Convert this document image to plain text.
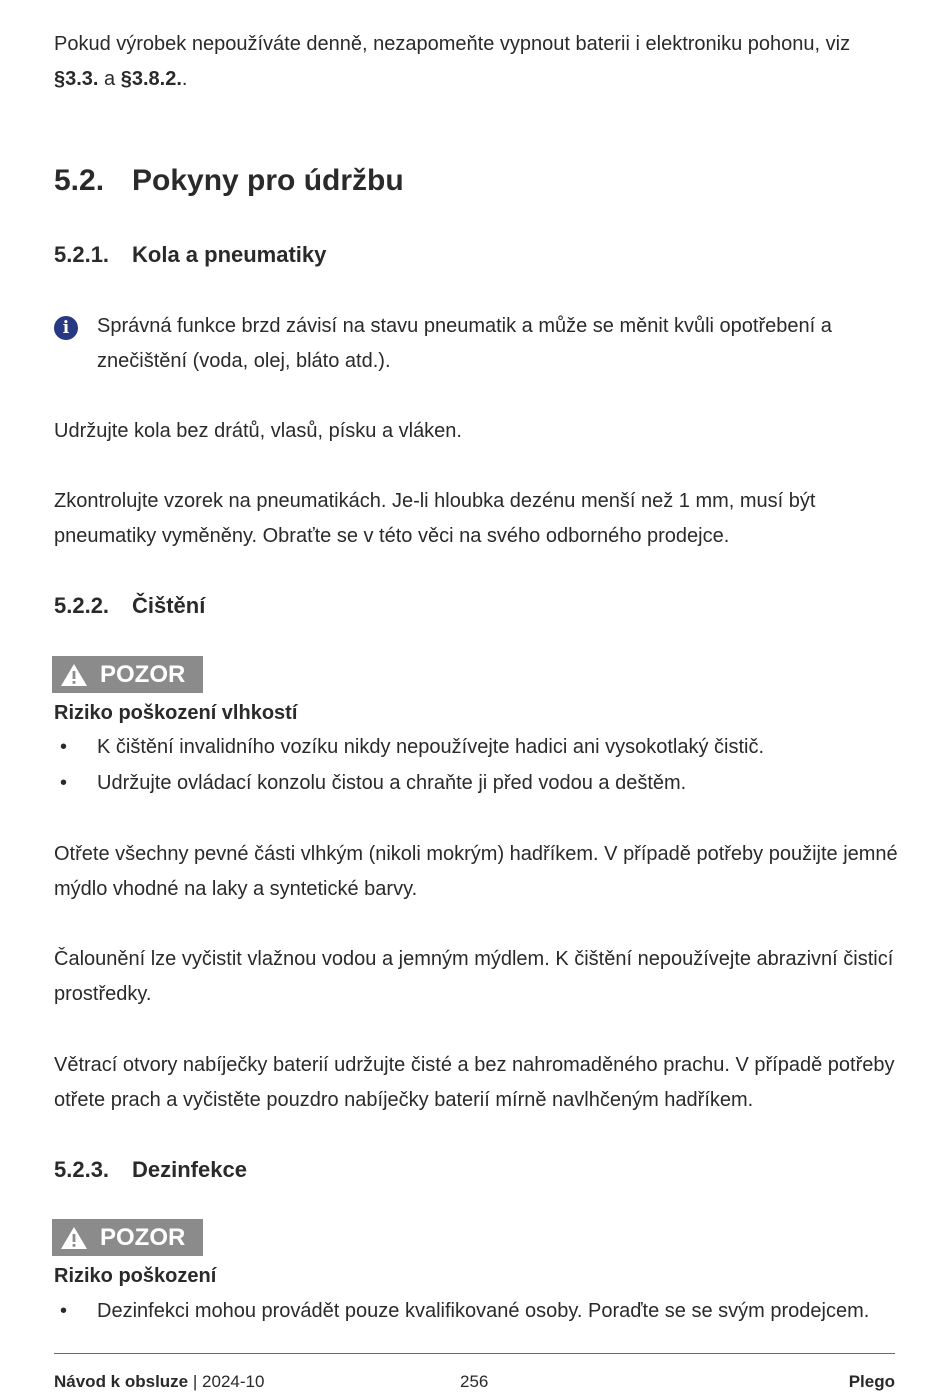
Pokud výrobek nepoužíváte denně, nezapomeňte vypnout baterii i elektroniku pohonu, viz
§3.3. a §3.8.2..
5.2. Pokyny pro údržbu
5.2.1. Kola a pneumatiky
i	Správná funkce brzd závisí na stavu pneumatik a může se měnit kvůli opotřebení a
znečištění (voda, olej, bláto atd.).
Udržujte kola bez drátů, vlasů, písku a vláken.
Zkontrolujte vzorek na pneumatikách. Je-li hloubka dezénu menší než 1 mm, musí být
pneumatiky vyměněny. Obraťte se v této věci na svého odborného prodejce.
5.2.2. Čištění
POZOR
Riziko poškození vlhkostí
• K čištění invalidního vozíku nikdy nepoužívejte hadici ani vysokotlaký čistič.
• Udržujte ovládací konzolu čistou a chraňte ji před vodou a deštěm.
Otřete všechny pevné části vlhkým (nikoli mokrým) hadříkem. V případě potřeby použijte jemné
mýdlo vhodné na laky a syntetické barvy.
Čalounění lze vyčistit vlažnou vodou a jemným mýdlem. K čištění nepoužívejte abrazivní čisticí
prostředky.
Větrací otvory nabíječky baterií udržujte čisté a bez nahromaděného prachu. V případě potřeby
otřete prach a vyčistěte pouzdro nabíječky baterií mírně navlhčeným hadříkem.
5.2.3. Dezinfekce
POZOR
Riziko poškození
• Dezinfekci mohou provádět pouze kvalifikované osoby. Poraďte se se svým prodejcem.
Návod k obsluze | 2024-10	256	Plego
